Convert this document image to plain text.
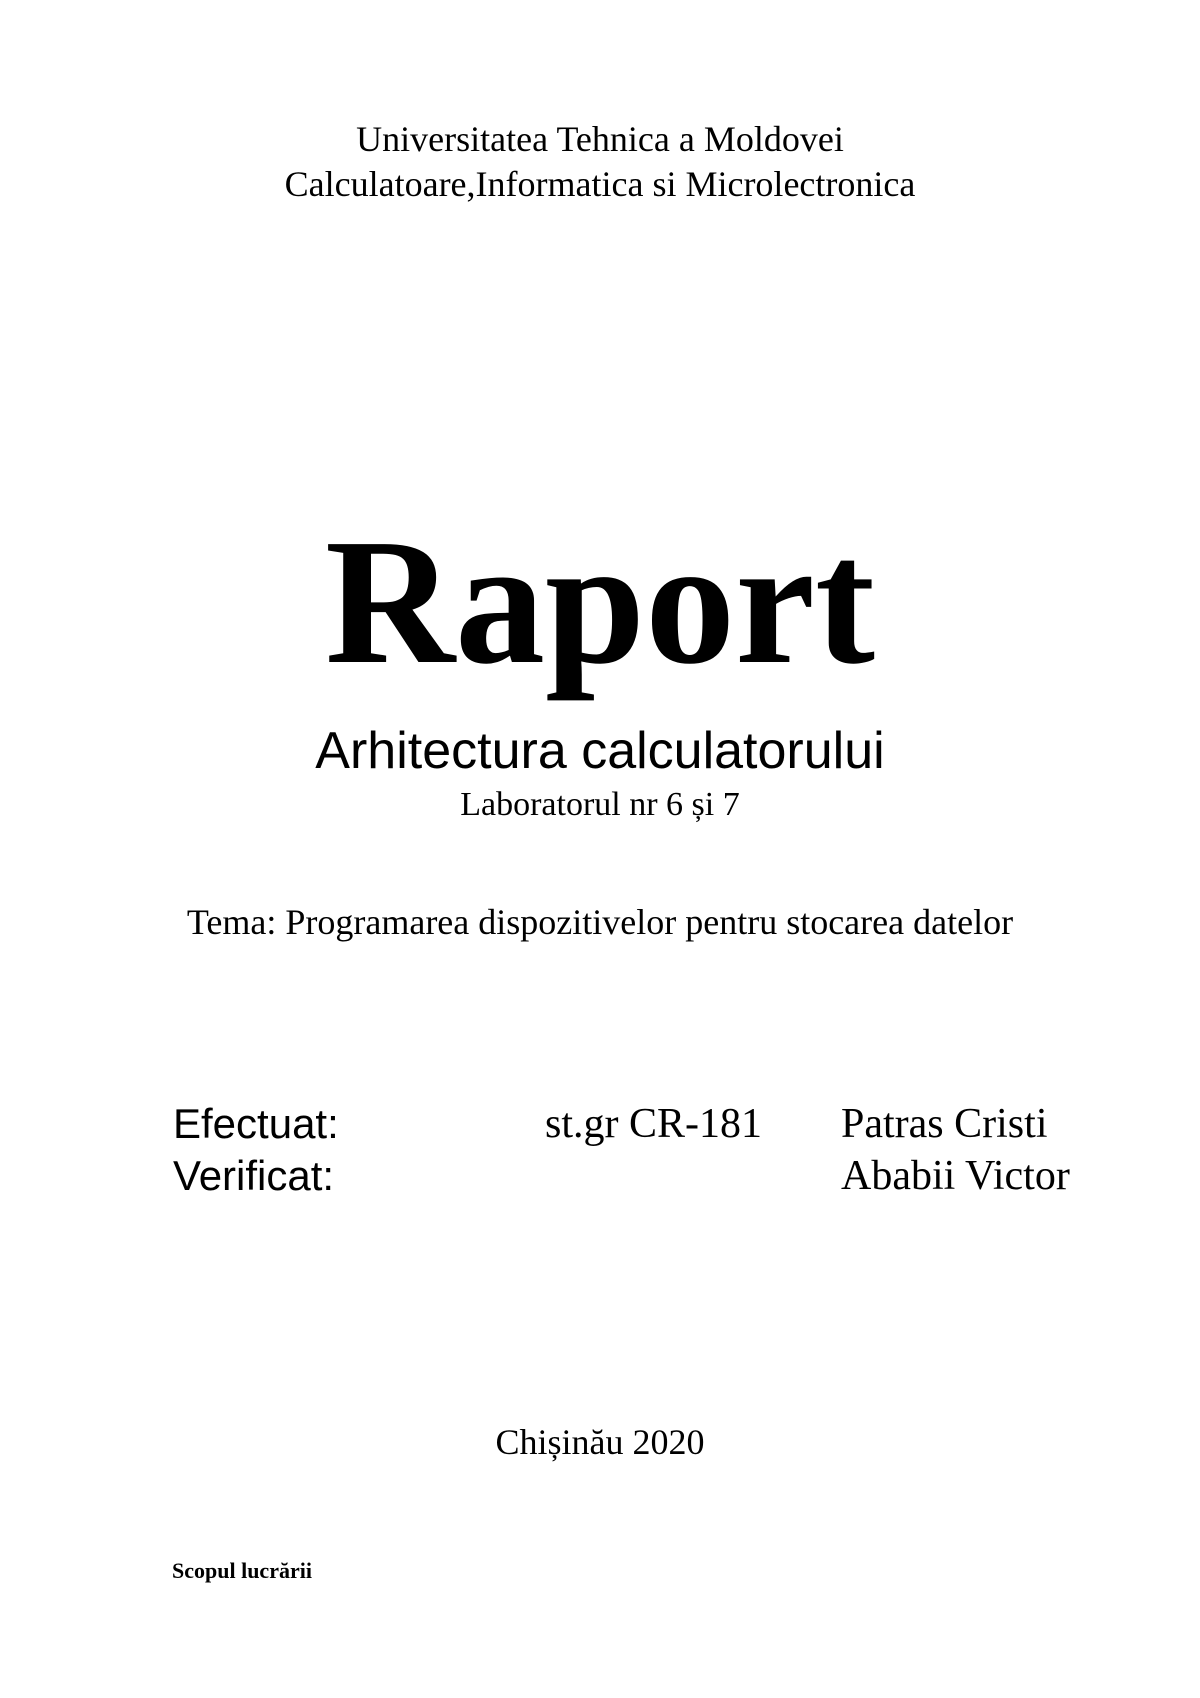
Universitatea Tehnica a Moldovei
Calculatoare,Informatica si Microlectronica
Raport
Arhitectura calculatorului
Laboratorul nr 6 și 7
Tema: Programarea dispozitivelor pentru stocarea datelor
Efectuat:	st.gr CR-181 Patras Cristi
Verificat:	Ababii Victor
Chișinău 2020
Scopul lucrării
